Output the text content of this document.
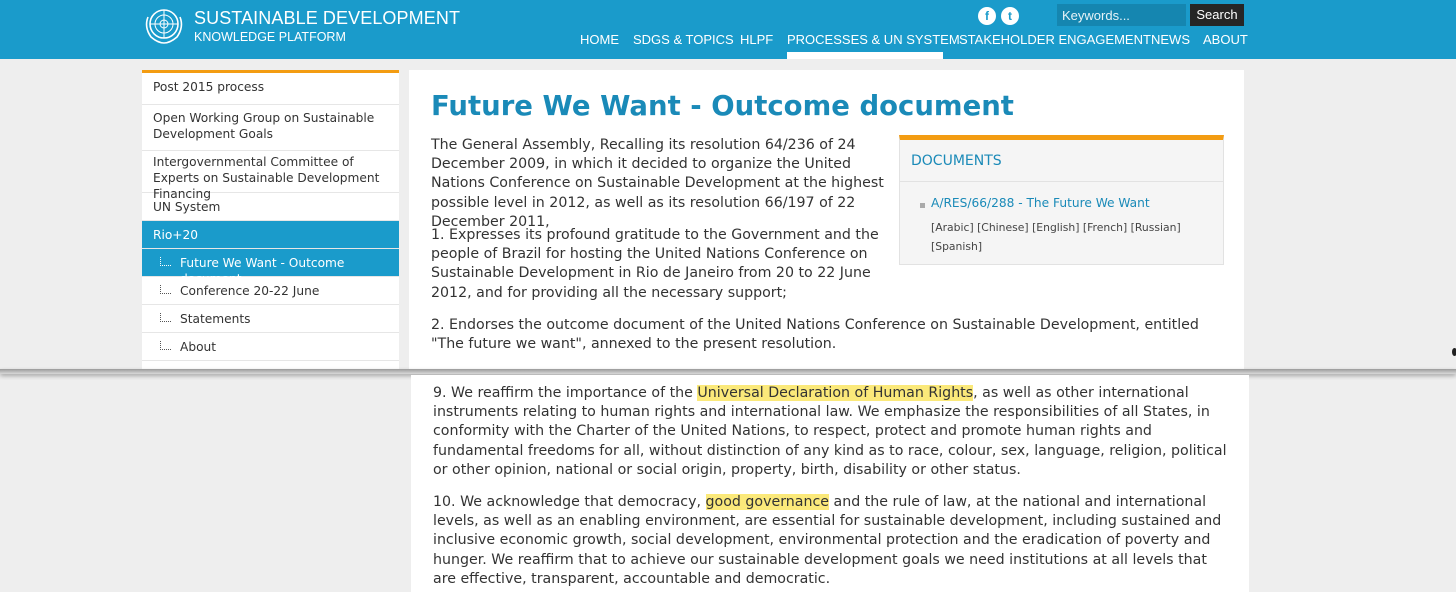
SUSTAINABLE DEVELOPMENT
KNOWLEDGE PLATFORM
f	t
Keywords...	Search
HOME SDGS & TOPICS HLPF PROCESSES & UN SYSTEM STAKEHOLDER ENGAGEMENT NEWS ABOUT
Post 2015 process
Open Working Group on Sustainable Development Goals
Intergovernmental Committee of Experts on Sustainable Development Financing
UN System
Rio+20
Future We Want - Outcome document
Conference 20-22 June
Statements
About
Future We Want - Outcome document

The General Assembly, Recalling its resolution 64/236 of 24 December 2009, in which it decided to organize the United Nations Conference on Sustainable Development at the highest possible level in 2012, as well as its resolution 66/197 of 22 December 2011,

1. Expresses its profound gratitude to the Government and the people of Brazil for hosting the United Nations Conference on Sustainable Development in Rio de Janeiro from 20 to 22 June 2012, and for providing all the necessary support;

2. Endorses the outcome document of the United Nations Conference on Sustainable Development, entitled "The future we want", annexed to the present resolution.

DOCUMENTS
A/RES/66/288 - The Future We Want
[Arabic] [Chinese] [English] [French] [Russian] [Spanish]

9. We reaffirm the importance of the Universal Declaration of Human Rights, as well as other international instruments relating to human rights and international law. We emphasize the responsibilities of all States, in conformity with the Charter of the United Nations, to respect, protect and promote human rights and fundamental freedoms for all, without distinction of any kind as to race, colour, sex, language, religion, political or other opinion, national or social origin, property, birth, disability or other status.

10. We acknowledge that democracy, good governance and the rule of law, at the national and international levels, as well as an enabling environment, are essential for sustainable development, including sustained and inclusive economic growth, social development, environmental protection and the eradication of poverty and hunger. We reaffirm that to achieve our sustainable development goals we need institutions at all levels that are effective, transparent, accountable and democratic.
